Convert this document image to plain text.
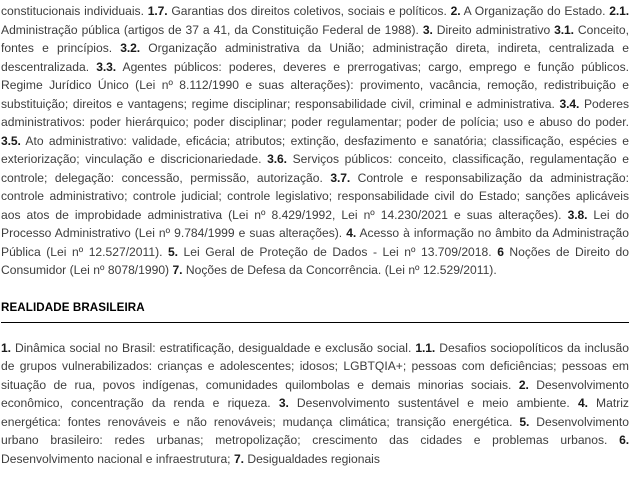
constitucionais individuais. 1.7. Garantias dos direitos coletivos, sociais e políticos. 2. A Organização do Estado. 2.1. Administração pública (artigos de 37 a 41, da Constituição Federal de 1988). 3. Direito administrativo 3.1. Conceito, fontes e princípios. 3.2. Organização administrativa da União; administração direta, indireta, centralizada e descentralizada. 3.3. Agentes públicos: poderes, deveres e prerrogativas; cargo, emprego e função públicos. Regime Jurídico Único (Lei nº 8.112/1990 e suas alterações): provimento, vacância, remoção, redistribuição e substituição; direitos e vantagens; regime disciplinar; responsabilidade civil, criminal e administrativa. 3.4. Poderes administrativos: poder hierárquico; poder disciplinar; poder regulamentar; poder de polícia; uso e abuso do poder. 3.5. Ato administrativo: validade, eficácia; atributos; extinção, desfazimento e sanatória; classificação, espécies e exteriorização; vinculação e discricionariedade. 3.6. Serviços públicos: conceito, classificação, regulamentação e controle; delegação: concessão, permissão, autorização. 3.7. Controle e responsabilização da administração: controle administrativo; controle judicial; controle legislativo; responsabilidade civil do Estado; sanções aplicáveis aos atos de improbidade administrativa (Lei nº 8.429/1992, Lei nº 14.230/2021 e suas alterações). 3.8. Lei do Processo Administrativo (Lei nº 9.784/1999 e suas alterações). 4. Acesso à informação no âmbito da Administração Pública (Lei nº 12.527/2011). 5. Lei Geral de Proteção de Dados - Lei nº 13.709/2018. 6 Noções de Direito do Consumidor (Lei nº 8078/1990) 7. Noções de Defesa da Concorrência. (Lei nº 12.529/2011).

REALIDADE BRASILEIRA

1. Dinâmica social no Brasil: estratificação, desigualdade e exclusão social. 1.1. Desafios sociopolíticos da inclusão de grupos vulnerabilizados: crianças e adolescentes; idosos; LGBTQIA+; pessoas com deficiências; pessoas em situação de rua, povos indígenas, comunidades quilombolas e demais minorias sociais. 2. Desenvolvimento econômico, concentração da renda e riqueza. 3. Desenvolvimento sustentável e meio ambiente. 4. Matriz energética: fontes renováveis e não renováveis; mudança climática; transição energética. 5. Desenvolvimento urbano brasileiro: redes urbanas; metropolização; crescimento das cidades e problemas urbanos. 6. Desenvolvimento nacional e infraestrutura; 7. Desigualdades regionais
